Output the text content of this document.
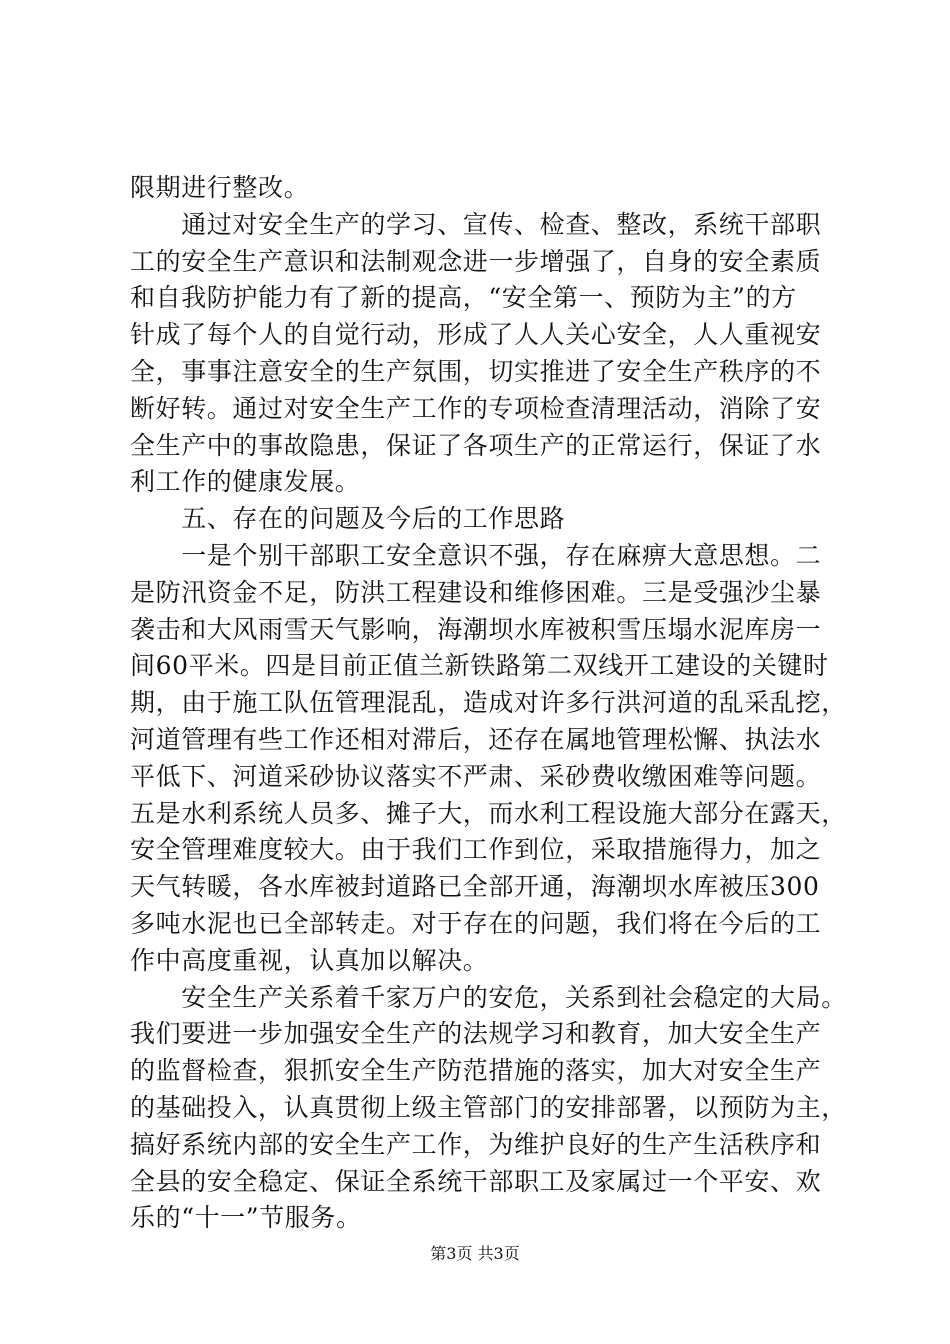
限期进行整改。
　　通过对安全生产的学习、宣传、检查、整改，系统干部职
工的安全生产意识和法制观念进一步增强了，自身的安全素质
和自我防护能力有了新的提高，“安全第一、预防为主”的方
针成了每个人的自觉行动，形成了人人关心安全，人人重视安
全，事事注意安全的生产氛围，切实推进了安全生产秩序的不
断好转。通过对安全生产工作的专项检查清理活动，消除了安
全生产中的事故隐患，保证了各项生产的正常运行，保证了水
利工作的健康发展。
　　五、存在的问题及今后的工作思路
　　一是个别干部职工安全意识不强，存在麻痹大意思想。二
是防汛资金不足，防洪工程建设和维修困难。三是受强沙尘暴
袭击和大风雨雪天气影响，海潮坝水库被积雪压塌水泥库房一
间60平米。四是目前正值兰新铁路第二双线开工建设的关键时
期，由于施工队伍管理混乱，造成对许多行洪河道的乱采乱挖，
河道管理有些工作还相对滞后，还存在属地管理松懈、执法水
平低下、河道采砂协议落实不严肃、采砂费收缴困难等问题。
五是水利系统人员多、摊子大，而水利工程设施大部分在露天，
安全管理难度较大。由于我们工作到位，采取措施得力，加之
天气转暖，各水库被封道路已全部开通，海潮坝水库被压300
多吨水泥也已全部转走。对于存在的问题，我们将在今后的工
作中高度重视，认真加以解决。
　　安全生产关系着千家万户的安危，关系到社会稳定的大局。
我们要进一步加强安全生产的法规学习和教育，加大安全生产
的监督检查，狠抓安全生产防范措施的落实，加大对安全生产
的基础投入，认真贯彻上级主管部门的安排部署，以预防为主，
搞好系统内部的安全生产工作，为维护良好的生产生活秩序和
全县的安全稳定、保证全系统干部职工及家属过一个平安、欢
乐的“十一”节服务。
第3页 共3页
